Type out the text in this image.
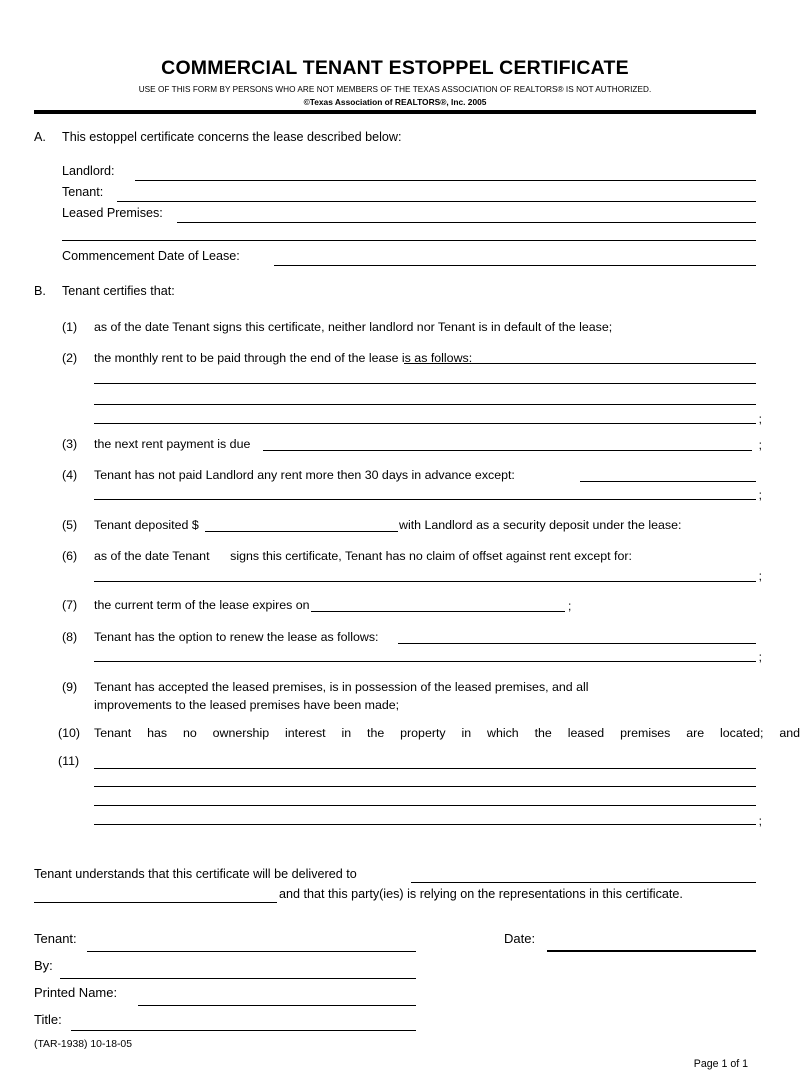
COMMERCIAL TENANT ESTOPPEL CERTIFICATE
USE OF THIS FORM BY PERSONS WHO ARE NOT MEMBERS OF THE TEXAS ASSOCIATION OF REALTORS® IS NOT AUTHORIZED.
©Texas Association of REALTORS®, Inc. 2005
A.	This estoppel certificate concerns the lease described below:
Landlord:
Tenant:
Leased Premises:
Commencement Date of Lease:
B.	Tenant certifies that:
(1)	as of the date Tenant signs this certificate, neither landlord nor Tenant is in default of the lease;
(2)	the monthly rent to be paid through the end of the lease is as follows:
;
(3)	the next rent payment is due	;
(4)	Tenant has not paid Landlord any rent more then 30 days in advance except:
;
(5)	Tenant deposited $	with Landlord as a security deposit under the lease:
(6)

	as of the date Tenant      signs this certificate, Tenant has no claim of offset against rent except for:

;
(7)	the current term of the lease expires on	;
(8)	Tenant has the option to renew the lease as follows:
;
(9)	Tenant has accepted the leased premises, is in possession of the leased premises, and all
improvements to the leased premises have been made;
(10)	Tenant has no ownership interest in the property in which the leased premises are located; and
(11)
;
Tenant understands that this certificate will be delivered to
and that this party(ies) is relying on the representations in this certificate.
Tenant:	Date:
By:
Printed Name:
Title:
(TAR-1938) 10-18-05
Page 1 of 1
